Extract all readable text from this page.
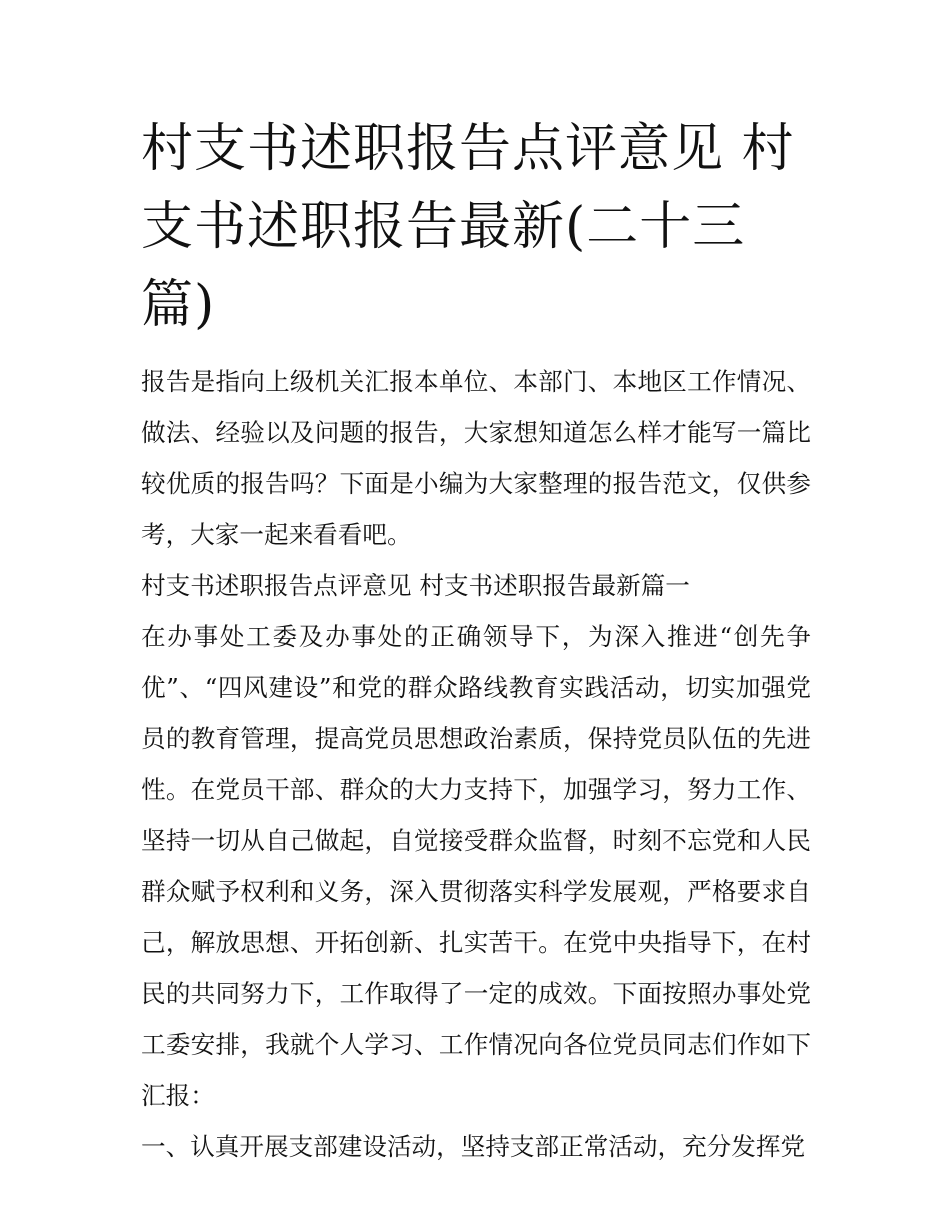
村支书述职报告点评意见 村支书述职报告最新(二十三篇)

报告是指向上级机关汇报本单位、本部门、本地区工作情况、做法、经验以及问题的报告，大家想知道怎么样才能写一篇比较优质的报告吗？下面是小编为大家整理的报告范文，仅供参考，大家一起来看看吧。

村支书述职报告点评意见 村支书述职报告最新篇一

在办事处工委及办事处的正确领导下，为深入推进“创先争优”、“四风建设”和党的群众路线教育实践活动，切实加强党员的教育管理，提高党员思想政治素质，保持党员队伍的先进性。在党员干部、群众的大力支持下，加强学习，努力工作、坚持一切从自己做起，自觉接受群众监督，时刻不忘党和人民群众赋予权利和义务，深入贯彻落实科学发展观，严格要求自己，解放思想、开拓创新、扎实苦干。在党中央指导下，在村民的共同努力下，工作取得了一定的成效。下面按照办事处党工委安排，我就个人学习、工作情况向各位党员同志们作如下汇报：

一、认真开展支部建设活动，坚持支部正常活动，充分发挥党
